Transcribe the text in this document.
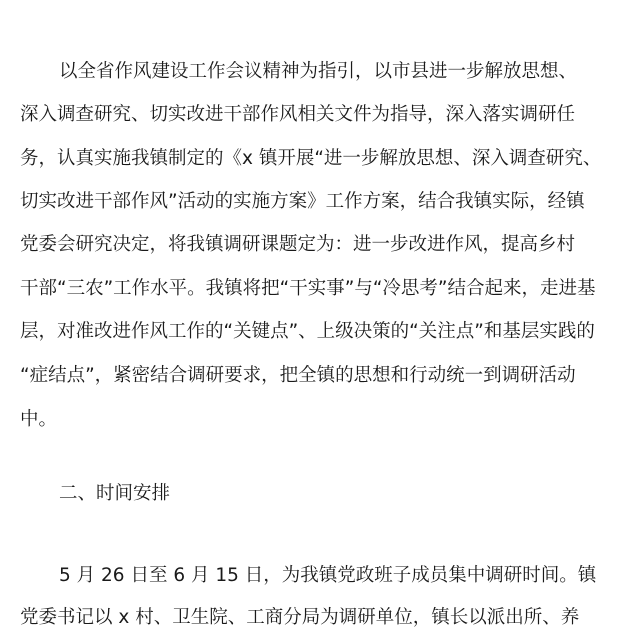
以全省作风建设工作会议精神为指引，以市县进一步解放思想、
深入调查研究、切实改进干部作风相关文件为指导，深入落实调研任
务，认真实施我镇制定的《x 镇开展“进一步解放思想、深入调查研究、
切实改进干部作风”活动的实施方案》工作方案，结合我镇实际，经镇
党委会研究决定，将我镇调研课题定为：进一步改进作风，提高乡村
干部“三农”工作水平。我镇将把“干实事”与“冷思考”结合起来，走进基
层，对准改进作风工作的“关键点”、上级决策的“关注点”和基层实践的
“症结点”，紧密结合调研要求，把全镇的思想和行动统一到调研活动
中。
二、时间安排
5 月 26 日至 6 月 15 日，为我镇党政班子成员集中调研时间。镇
党委书记以 x 村、卫生院、工商分局为调研单位，镇长以派出所、养
